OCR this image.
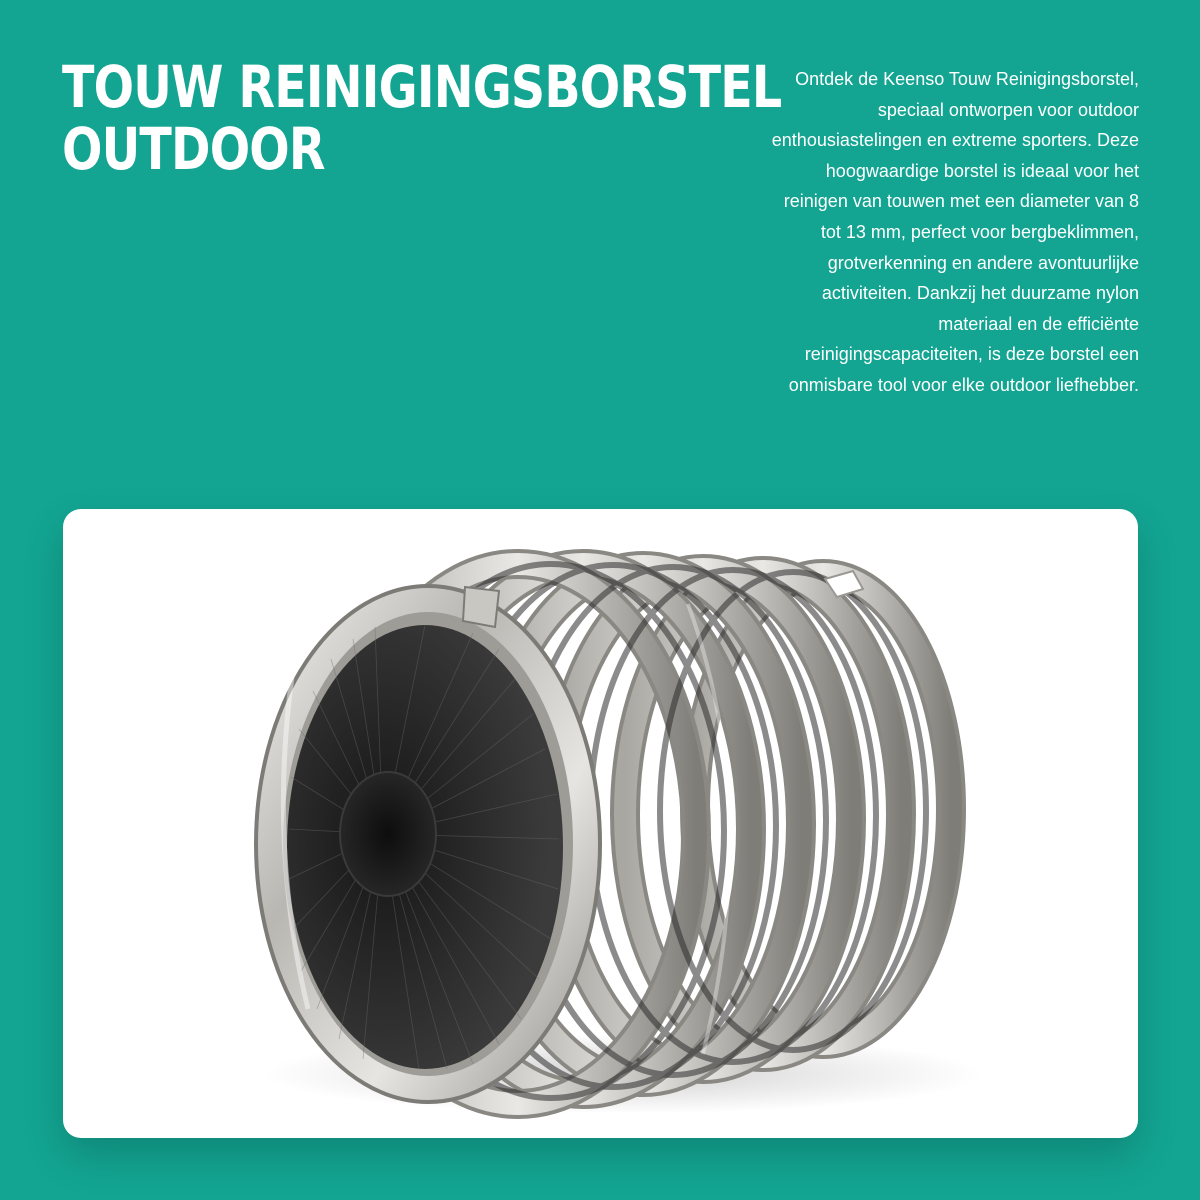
TOUW REINIGINGSBORSTEL
OUTDOOR

Ontdek de Keenso Touw Reinigingsborstel, speciaal ontworpen voor outdoor enthousiastelingen en extreme sporters. Deze hoogwaardige borstel is ideaal voor het reinigen van touwen met een diameter van 8 tot 13 mm, perfect voor bergbeklimmen, grotverkenning en andere avontuurlijke activiteiten. Dankzij het duurzame nylon materiaal en de efficiënte reinigingscapaciteiten, is deze borstel een onmisbare tool voor elke outdoor liefhebber.
